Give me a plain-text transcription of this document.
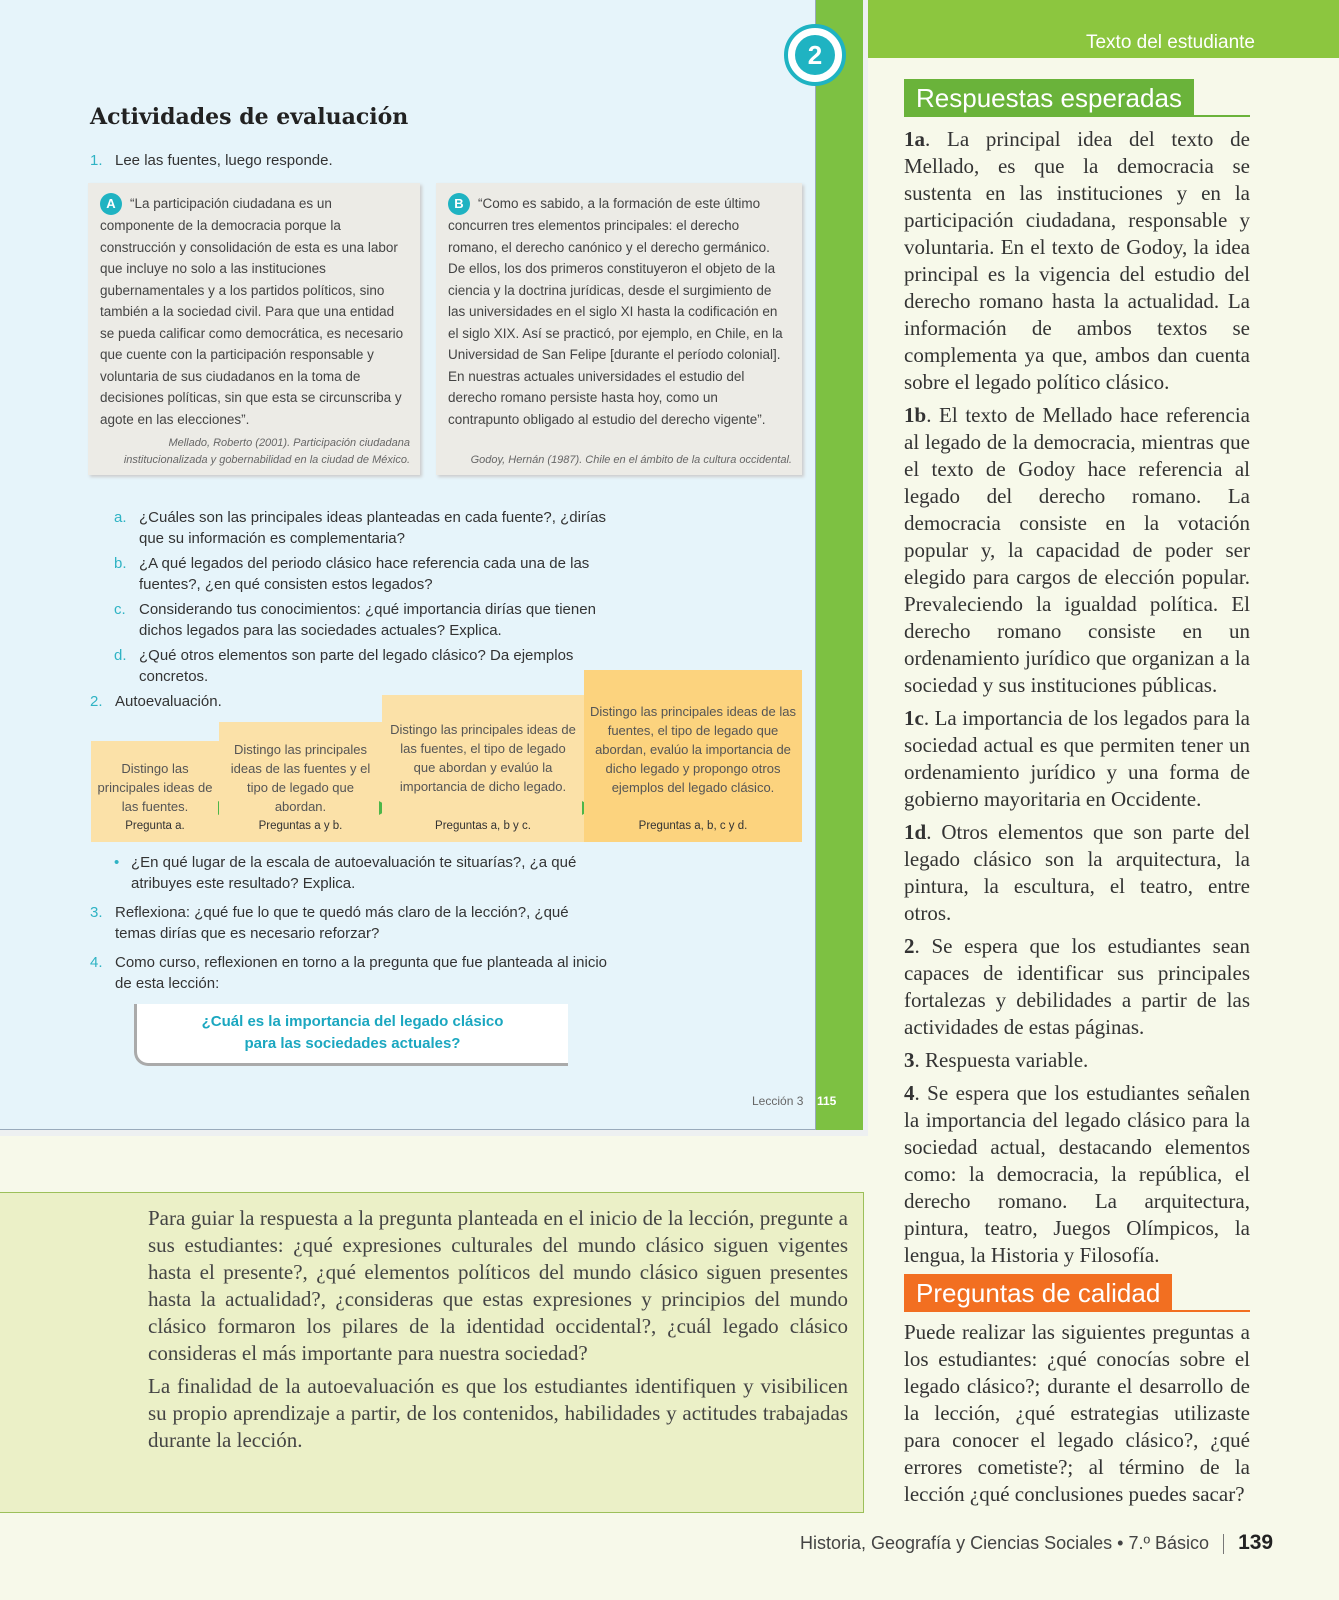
Actividades de evaluación
1. Lee las fuentes, luego responde.
A “La participación ciudadana es un componente de la democracia porque la construcción y consolidación de esta es una labor que incluye no solo a las instituciones gubernamentales y a los partidos políticos, sino también a la sociedad civil. Para que una entidad se pueda calificar como democrática, es necesario que cuente con la participación responsable y voluntaria de sus ciudadanos en la toma de decisiones políticas, sin que esta se circunscriba y agote en las elecciones”.
Mellado, Roberto (2001). Participación ciudadana institucionalizada y gobernabilidad en la ciudad de México.
B “Como es sabido, a la formación de este último concurren tres elementos principales: el derecho romano, el derecho canónico y el derecho germánico. De ellos, los dos primeros constituyeron el objeto de la ciencia y la doctrina jurídicas, desde el surgimiento de las universidades en el siglo XI hasta la codificación en el siglo XIX. Así se practicó, por ejemplo, en Chile, en la Universidad de San Felipe [durante el período colonial]. En nuestras actuales universidades el estudio del derecho romano persiste hasta hoy, como un contrapunto obligado al estudio del derecho vigente”.
Godoy, Hernán (1987). Chile en el ámbito de la cultura occidental.
a. ¿Cuáles son las principales ideas planteadas en cada fuente?, ¿dirías que su información es complementaria?
b. ¿A qué legados del periodo clásico hace referencia cada una de las fuentes?, ¿en qué consisten estos legados?
c. Considerando tus conocimientos: ¿qué importancia dirías que tienen dichos legados para las sociedades actuales? Explica.
d. ¿Qué otros elementos son parte del legado clásico? Da ejemplos concretos.
2. Autoevaluación.
Distingo las principales ideas de las fuentes.
Pregunta a.
Distingo las principales ideas de las fuentes y el tipo de legado que abordan.
Preguntas a y b.
Distingo las principales ideas de las fuentes, el tipo de legado que abordan y evalúo la importancia de dicho legado.
Preguntas a, b y c.
Distingo las principales ideas de las fuentes, el tipo de legado que abordan, evalúo la importancia de dicho legado y propongo otros ejemplos del legado clásico.
Preguntas a, b, c y d.
• ¿En qué lugar de la escala de autoevaluación te situarías?, ¿a qué atribuyes este resultado? Explica.
3. Reflexiona: ¿qué fue lo que te quedó más claro de la lección?, ¿qué temas dirías que es necesario reforzar?
4. Como curso, reflexionen en torno a la pregunta que fue planteada al inicio de esta lección:
¿Cuál es la importancia del legado clásico
para las sociedades actuales?
Lección 3 115
2	Texto del estudiante
Respuestas esperadas

1a. La principal idea del texto de Mellado, es que la democracia se sustenta en las instituciones y en la participación ciudadana, responsable y voluntaria. En el texto de Godoy, la idea principal es la vigencia del estudio del derecho romano hasta la actualidad. La información de ambos textos se complementa ya que, ambos dan cuenta sobre el legado político clásico.

1b. El texto de Mellado hace referencia al legado de la democracia, mientras que el texto de Godoy hace referencia al legado del derecho romano. La democracia consiste en la votación popular y, la capacidad de poder ser elegido para cargos de elección popular. Prevaleciendo la igualdad política. El derecho romano consiste en un ordenamiento jurídico que organizan a la sociedad y sus instituciones públicas.

1c. La importancia de los legados para la sociedad actual es que permiten tener un ordenamiento jurídico y una forma de gobierno mayoritaria en Occidente.

1d. Otros elementos que son parte del legado clásico son la arquitectura, la pintura, la escultura, el teatro, entre otros.

2. Se espera que los estudiantes sean capaces de identificar sus principales fortalezas y debilidades a partir de las actividades de estas páginas.

3. Respuesta variable.

4. Se espera que los estudiantes señalen la importancia del legado clásico para la sociedad actual, destacando elementos como: la democracia, la república, el derecho romano. La arquitectura, pintura, teatro, Juegos Olímpicos, la lengua, la Historia y Filosofía.

Preguntas de calidad

Puede realizar las siguientes preguntas a los estudiantes: ¿qué conocías sobre el legado clásico?; durante el desarrollo de la lección, ¿qué estrategias utilizaste para conocer el legado clásico?, ¿qué errores cometiste?; al término de la lección ¿qué conclusiones puedes sacar?

Para guiar la respuesta a la pregunta planteada en el inicio de la lección, pregunte a sus estudiantes: ¿qué expresiones culturales del mundo clásico siguen vigentes hasta el presente?, ¿qué elementos políticos del mundo clásico siguen presentes hasta la actualidad?, ¿consideras que estas expresiones y principios del mundo clásico formaron los pilares de la identidad occidental?, ¿cuál legado clásico consideras el más importante para nuestra sociedad?

La finalidad de la autoevaluación es que los estudiantes identifiquen y visibilicen su propio aprendizaje a partir, de los contenidos, habilidades y actitudes trabajadas durante la lección.

Historia, Geografía y Ciencias Sociales • 7.º Básico 139
